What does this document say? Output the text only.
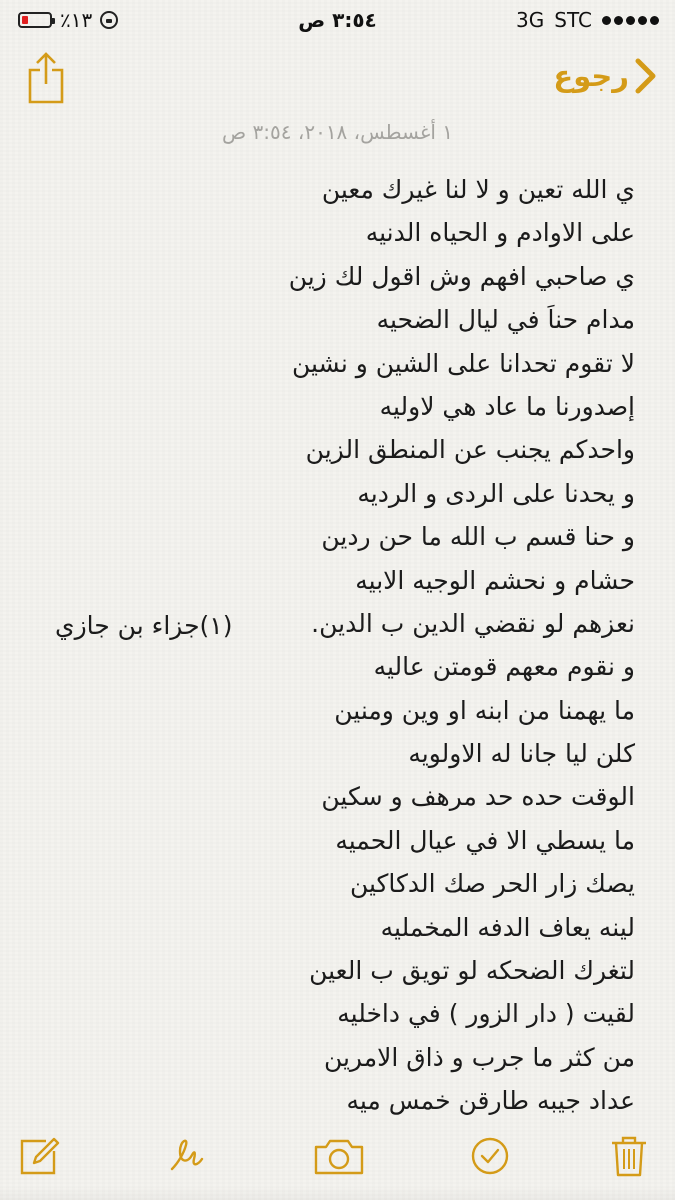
٪١٣	٣:٥٤ ص	3G STC
رجوع
١ أغسطس، ٢٠١٨، ٣:٥٤ ص
ي الله تعين و لا لنا غيرك معين
على الاوادم و الحياه الدنيه
ي صاحبي افهم وش اقول لك زين
مدام حناَ في ليال الضحيه
لا تقوم تحدانا على الشين و نشين
إصدورنا ما عاد هي لاوليه
واحدكم يجنب عن المنطق الزين
و يحدنا على الردى و الرديه
و حنا قسم ب الله ما حن ردين
حشام و نحشم الوجيه الابيه
نعزهم لو نقضي الدين ب الدين.
و نقوم معهم قومتن عاليه
ما يهمنا من ابنه او وين ومنين
كلن ليا جانا له الاولويه
الوقت حده حد مرهف و سكين
ما يسطي الا في عيال الحميه
يصك زار الحر صك الدكاكين
لينه يعاف الدفه المخمليه
لتغرك الضحكه لو تويق ب العين
لقيت ( دار الزور ) في داخليه
من كثر ما جرب و ذاق الامرين
عداد جيبه طارقن خمس ميه
(١)جزاء بن جازي
